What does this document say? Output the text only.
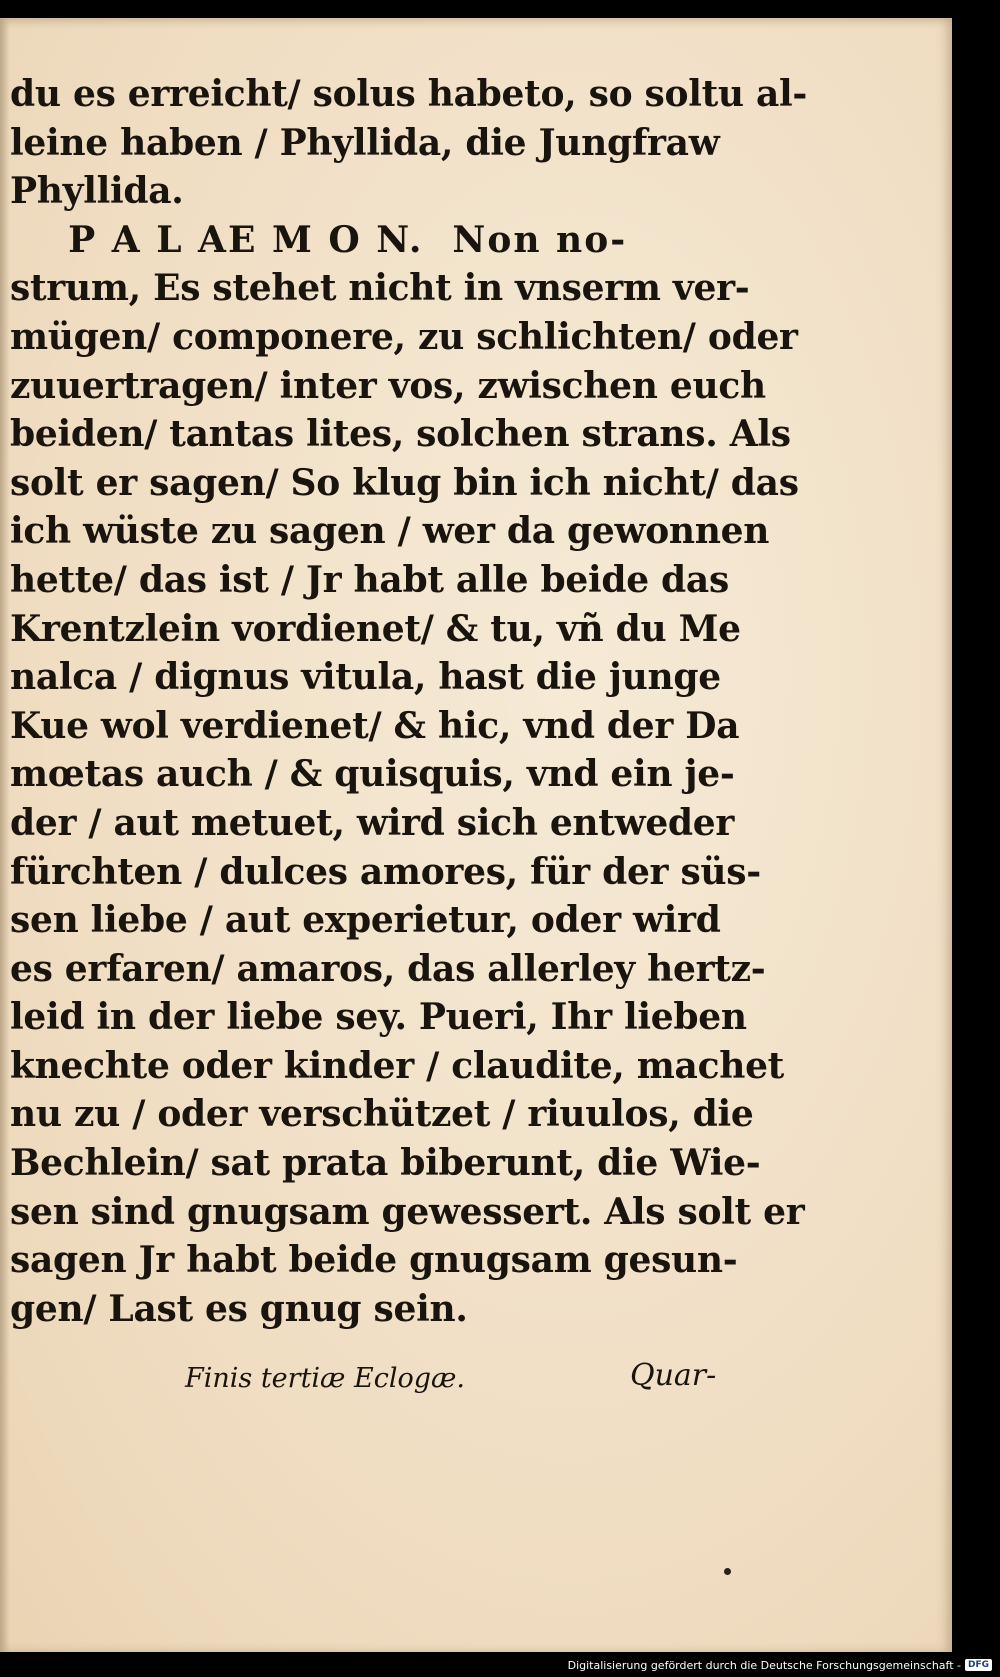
du es erreicht/ solus habeto, so soltu al-
leine haben / Phyllida, die Jungfraw
Phyllida.
P A L AE M O N.  Non no-
strum, Es stehet nicht in vnserm ver-
mügen/ componere, zu schlichten/ oder
zuuertragen/ inter vos, zwischen euch
beiden/ tantas lites, solchen strans. Als
solt er sagen/ So klug bin ich nicht/ das
ich wüste zu sagen / wer da gewonnen
hette/ das ist / Jr habt alle beide das
Krentzlein vordienet/ & tu, vñ du Me
nalca / dignus vitula, hast die junge
Kue wol verdienet/ & hic, vnd der Da
mœtas auch / & quisquis, vnd ein je-
der / aut metuet, wird sich entweder
fürchten / dulces amores, für der süs-
sen liebe / aut experietur, oder wird
es erfaren/ amaros, das allerley hertz-
leid in der liebe sey. Pueri, Ihr lieben
knechte oder kinder / claudite, machet
nu zu / oder verschützet / riuulos, die
Bechlein/ sat prata biberunt, die Wie-
sen sind gnugsam gewessert. Als solt er
sagen Jr habt beide gnugsam gesun-
gen/ Last es gnug sein.
Finis tertiæ Eclogæ.	Quar-
Digitalisierung gefördert durch die Deutsche Forschungsgemeinschaft - DFG
